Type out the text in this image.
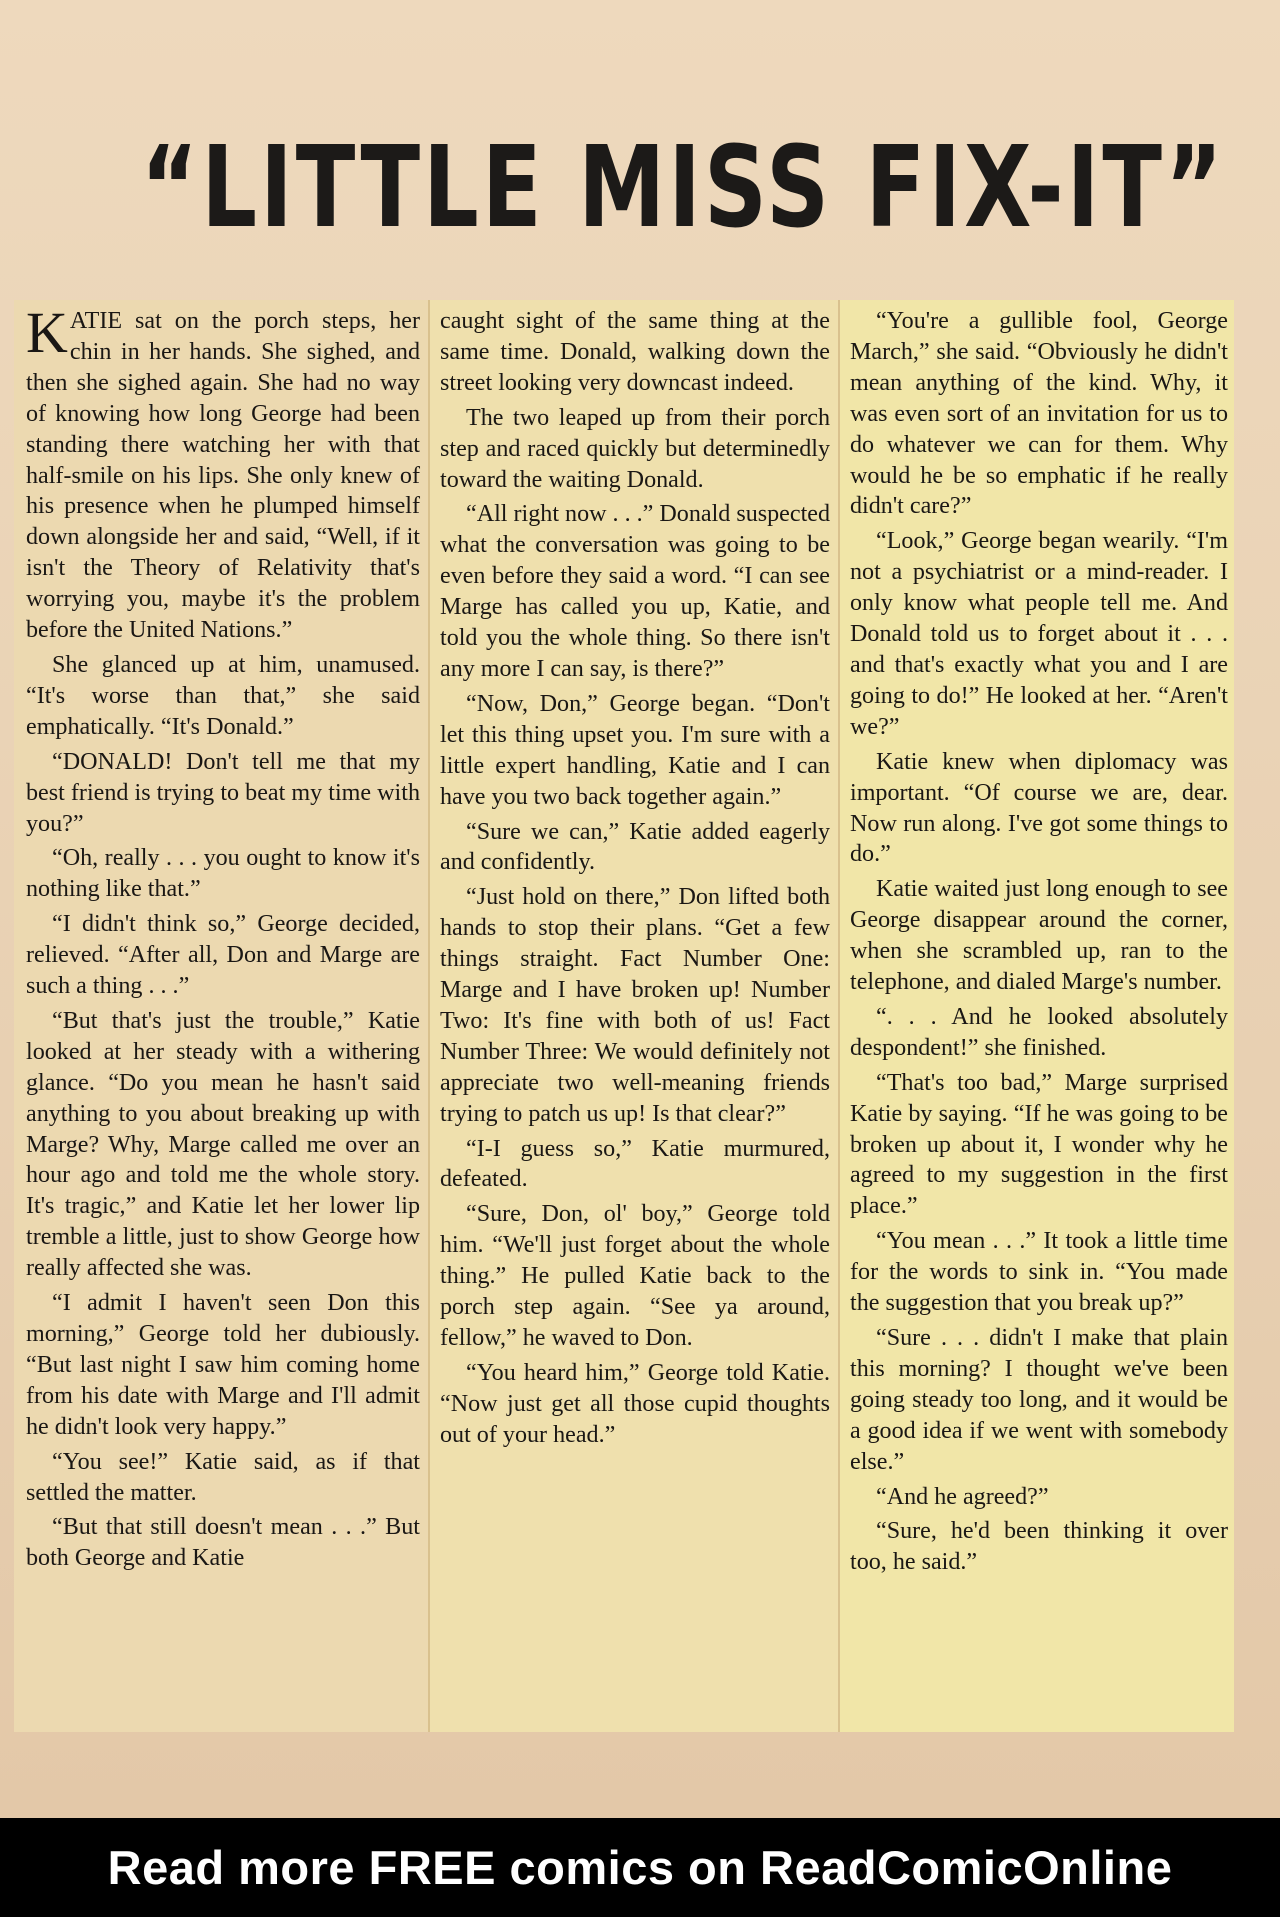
“LITTLE MISS FIX-IT”

KATIE sat on the porch steps, her chin in her hands. She sighed, and then she sighed again. She had no way of knowing how long George had been standing there watching her with that half-smile on his lips. She only knew of his presence when he plumped himself down alongside her and said, “Well, if it isn't the Theory of Relativity that's worrying you, maybe it's the problem before the United Nations.”

She glanced up at him, unamused. “It's worse than that,” she said emphatically. “It's Donald.”

“DONALD! Don't tell me that my best friend is trying to beat my time with you?”

“Oh, really . . . you ought to know it's nothing like that.”

“I didn't think so,” George decided, relieved. “After all, Don and Marge are such a thing . . .”

“But that's just the trouble,” Katie looked at her steady with a withering glance. “Do you mean he hasn't said anything to you about breaking up with Marge? Why, Marge called me over an hour ago and told me the whole story. It's tragic,” and Katie let her lower lip tremble a little, just to show George how really affected she was.

“I admit I haven't seen Don this morning,” George told her dubiously. “But last night I saw him coming home from his date with Marge and I'll admit he didn't look very happy.”

“You see!” Katie said, as if that settled the matter.

“But that still doesn't mean . . .” But both George and Katie

caught sight of the same thing at the same time. Donald, walking down the street looking very downcast indeed.

The two leaped up from their porch step and raced quickly but determinedly toward the waiting Donald.

“All right now . . .” Donald suspected what the conversation was going to be even before they said a word. “I can see Marge has called you up, Katie, and told you the whole thing. So there isn't any more I can say, is there?”

“Now, Don,” George began. “Don't let this thing upset you. I'm sure with a little expert handling, Katie and I can have you two back together again.”

“Sure we can,” Katie added eagerly and confidently.

“Just hold on there,” Don lifted both hands to stop their plans. “Get a few things straight. Fact Number One: Marge and I have broken up! Number Two: It's fine with both of us! Fact Number Three: We would definitely not appreciate two well-meaning friends trying to patch us up! Is that clear?”

“I-I guess so,” Katie murmured, defeated.

“Sure, Don, ol' boy,” George told him. “We'll just forget about the whole thing.” He pulled Katie back to the porch step again. “See ya around, fellow,” he waved to Don.

“You heard him,” George told Katie. “Now just get all those cupid thoughts out of your head.”

“You're a gullible fool, George March,” she said. “Obviously he didn't mean anything of the kind. Why, it was even sort of an invitation for us to do whatever we can for them. Why would he be so emphatic if he really didn't care?”

“Look,” George began wearily. “I'm not a psychiatrist or a mind-reader. I only know what people tell me. And Donald told us to forget about it . . . and that's exactly what you and I are going to do!” He looked at her. “Aren't we?”

Katie knew when diplomacy was important. “Of course we are, dear. Now run along. I've got some things to do.”

Katie waited just long enough to see George disappear around the corner, when she scrambled up, ran to the telephone, and dialed Marge's number.

“. . . And he looked absolutely despondent!” she finished.

“That's too bad,” Marge surprised Katie by saying. “If he was going to be broken up about it, I wonder why he agreed to my suggestion in the first place.”

“You mean . . .” It took a little time for the words to sink in. “You made the suggestion that you break up?”

“Sure . . . didn't I make that plain this morning? I thought we've been going steady too long, and it would be a good idea if we went with somebody else.”

“And he agreed?”

“Sure, he'd been thinking it over too, he said.”

Read more FREE comics on ReadComicOnline
